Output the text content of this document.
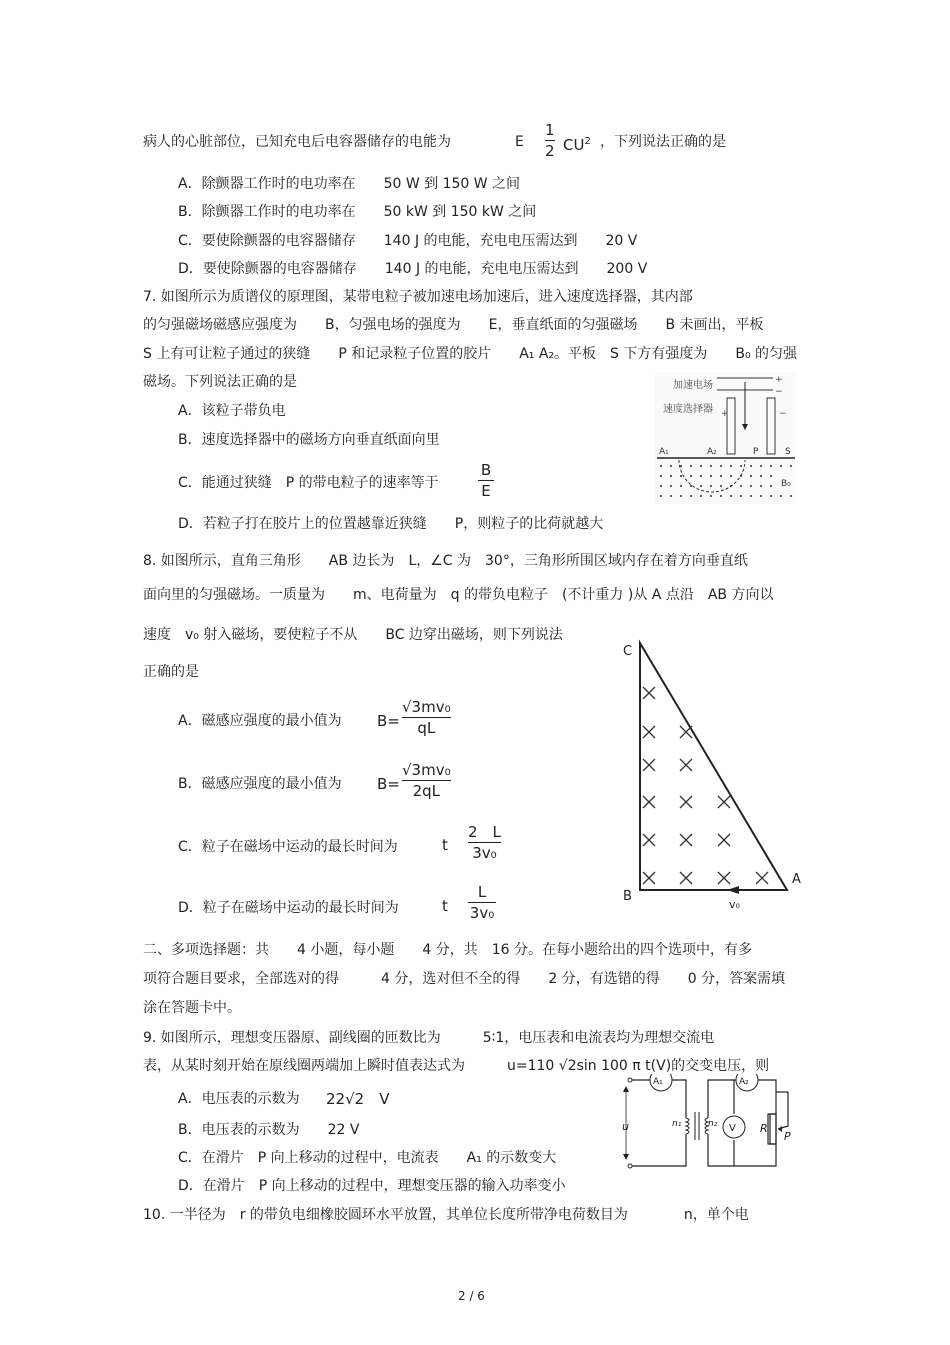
病人的心脏部位，已知充电后电容器储存的电能为	E
1
2 $CU^2$ ，下列说法正确的是
A．除颤器工作时的电功率在　　50 W 到 150 W 之间
B．除颤器工作时的电功率在　　50 kW 到 150 kW 之间
C．要使除颤器的电容器储存　　140 J 的电能，充电电压需达到　　20 V
D．要使除颤器的电容器储存　　140 J 的电能，充电电压需达到　　200 V
7. 如图所示为质谱仪的原理图，某带电粒子被加速电场加速后，进入速度选择器，其内部
的匀强磁场磁感应强度为　　B，匀强电场的强度为　　E，垂直纸面的匀强磁场　　B 未画出，平板
S 上有可让粒子通过的狭缝　　P 和记录粒子位置的胶片　　A₁ A₂。平板　S 下方有强度为　　B₀ 的匀强
磁场。下列说法正确的是
A．该粒子带负电
B．速度选择器中的磁场方向垂直纸面向里
C．能通过狭缝　P 的带电粒子的速率等于
B
E
D．若粒子打在胶片上的位置越靠近狭缝　　P，则粒子的比荷就越大
加速电场	+
−
速度选择器 +	−
A₁	A₂	P	S
B₀
8. 如图所示，直角三角形　　AB 边长为　L，∠C 为　30°，三角形所围区域内存在着方向垂直纸
面向里的匀强磁场。一质量为　　m、电荷量为　q 的带负电粒子　(不计重力 )从 A 点沿　AB 方向以
速度　v₀ 射入磁场，要使粒子不从　　BC 边穿出磁场，则下列说法
正确的是
A．磁感应强度的最小值为 B=
√3mv₀
qL
B．磁感应强度的最小值为 B=
√3mv₀
2qL
C．粒子在磁场中运动的最长时间为	t
2　L
3v₀
D．粒子在磁场中运动的最长时间为	t
L
3v₀
C
B
A
v₀
二、多项选择题：共　　4 小题，每小题　　4 分，共　16 分。在每小题给出的四个选项中，有多
项符合题目要求，全部选对的得　　　4 分，选对但不全的得　　2 分，有选错的得　　0 分，答案需填
涂在答题卡中。
9. 如图所示，理想变压器原、副线圈的匝数比为　　　5∶1，电压表和电流表均为理想交流电
表，从某时刻开始在原线圈两端加上瞬时值表达式为　　　u=110 √2sin 100 π t(V)的交变电压，则
A．电压表的示数为 22√2　V
B．电压表的示数为　　22 V
C．在滑片　P 向上移动的过程中，电流表　　A₁ 的示数变大
D．在滑片　P 向上移动的过程中，理想变压器的输入功率变小
u
A₁	A₂
V
n₁	n₂	R
P
10. 一半径为　r 的带负电细橡胶圆环水平放置，其单位长度所带净电荷数目为　　　　n，单个电
2 / 6
